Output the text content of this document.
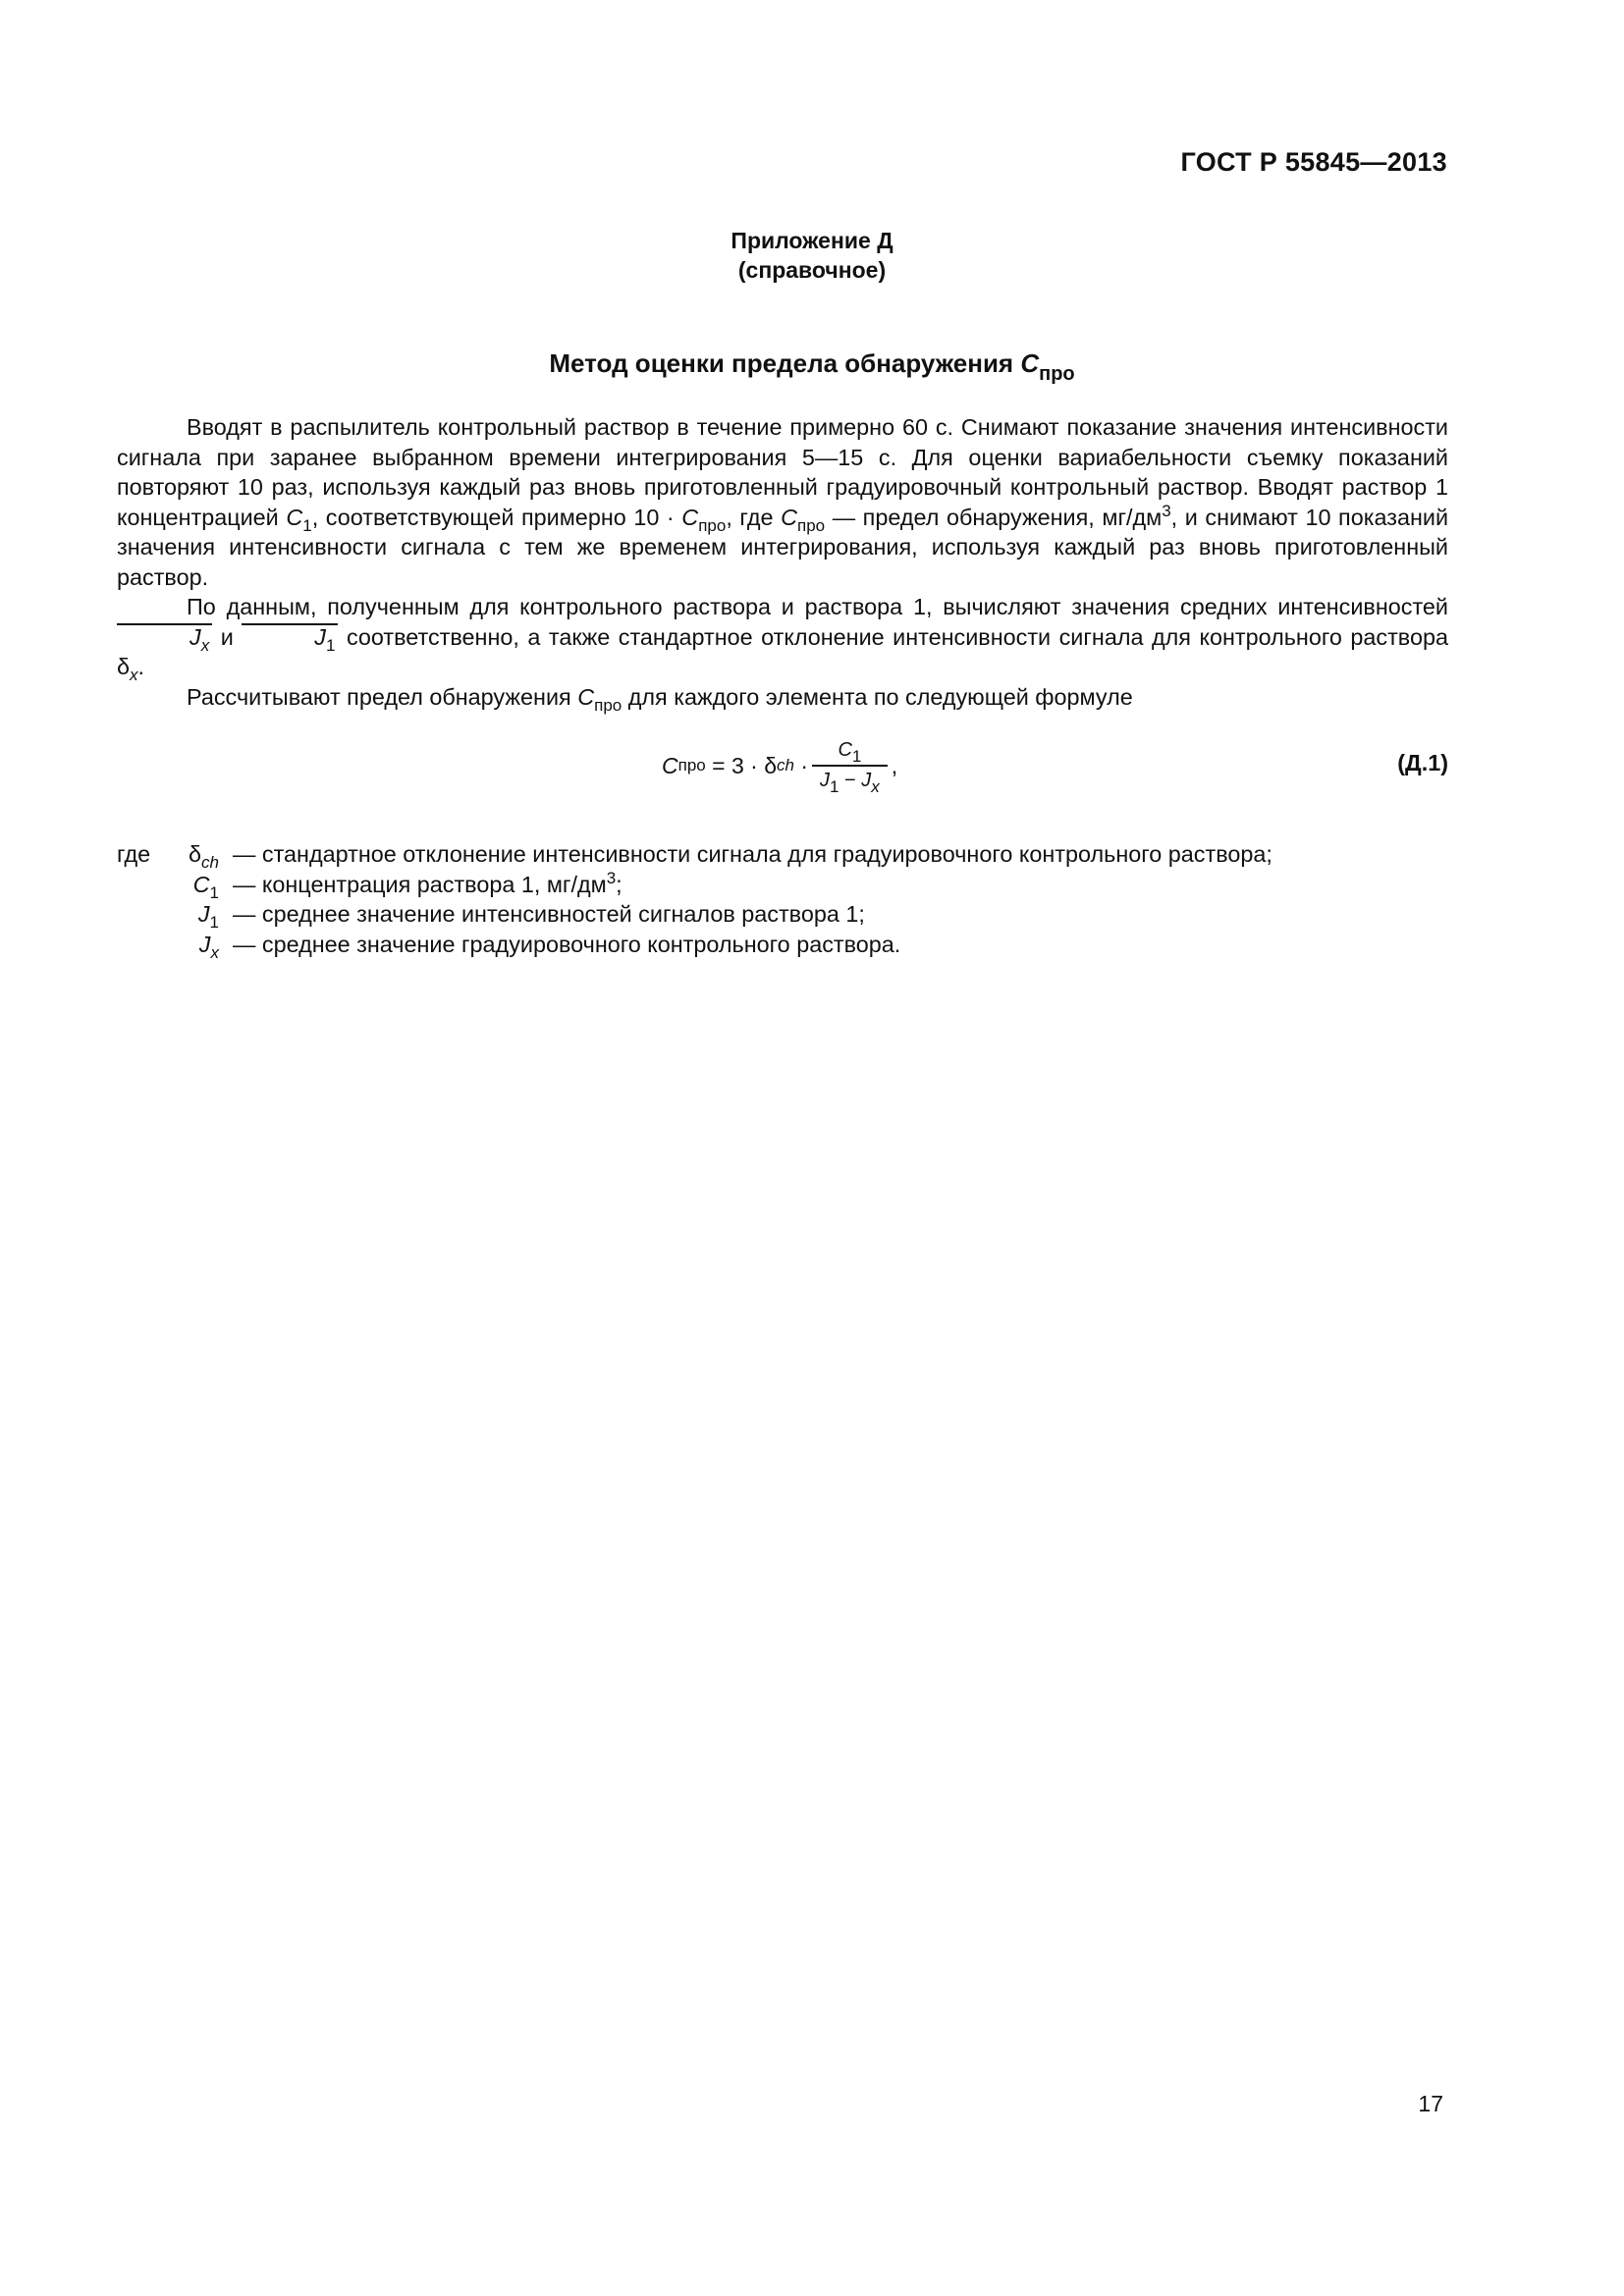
ГОСТ Р 55845—2013
Приложение Д
(справочное)
Метод оценки предела обнаружения $C_{про}$

Вводят в распылитель контрольный раствор в течение примерно 60 с. Снимают показание значения интенсивности сигнала при заранее выбранном времени интегрирования 5—15 с. Для оценки вариабельности съемку показаний повторяют 10 раз, используя каждый раз вновь приготовленный градуировочный контрольный раствор. Вводят раствор 1 концентрацией $C_1$, соответствующей примерно $10 \cdot C_{про}$, где $C_{про}$ — предел обнаружения, $мг/дм^3$, и снимают 10 показаний значения интенсивности сигнала с тем же временем интегрирования, используя каждый раз вновь приготовленный раствор.

По данным, полученным для контрольного раствора и раствора 1, вычисляют значения средних интенсивностей $J_x$ и	$J_1$ соответственно, а также стандартное отклонение интенсивности сигнала для контрольного раствора $\delta_x$.

Рассчитывают предел обнаружения $C_{про}$ для каждого элемента по следующей формуле

C про = 3 · δ ch · $\frac{C_1}{J_1 - J_x}$ ,	(Д.1)
где	$\delta_{ch}$ — стандартное отклонение интенсивности сигнала для градуировочного контрольного раствора;
$C_1$ — концентрация раствора 1, $мг/дм^3$;
$J_1$ — среднее значение интенсивностей сигналов раствора 1;
$J_x$ — среднее значение градуировочного контрольного раствора.
17
